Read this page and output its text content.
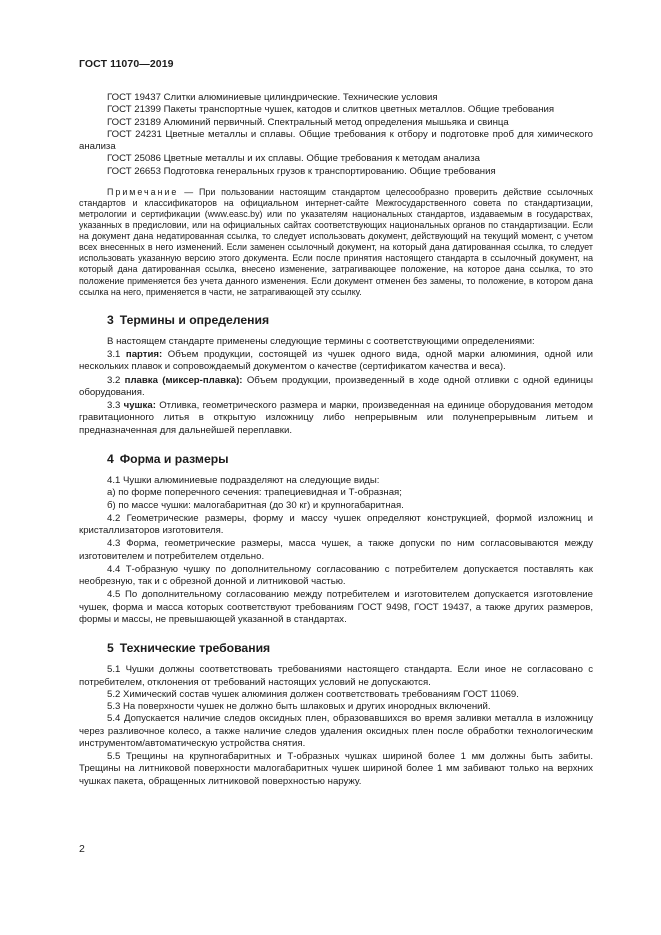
ГОСТ 11070—2019

ГОСТ 19437 Слитки алюминиевые цилиндрические. Технические условия

ГОСТ 21399 Пакеты транспортные чушек, катодов и слитков цветных металлов. Общие требования

ГОСТ 23189 Алюминий первичный. Спектральный метод определения мышьяка и свинца

ГОСТ 24231 Цветные металлы и сплавы. Общие требования к отбору и подготовке проб для химического анализа

ГОСТ 25086 Цветные металлы и их сплавы. Общие требования к методам анализа

ГОСТ 26653 Подготовка генеральных грузов к транспортированию. Общие требования

Примечание — При пользовании настоящим стандартом целесообразно проверить действие ссылочных стандартов и классификаторов на официальном интернет-сайте Межгосударственного совета по стандартизации, метрологии и сертификации (www.easc.by) или по указателям национальных стандартов, издаваемым в государствах, указанных в предисловии, или на официальных сайтах соответствующих национальных органов по стандартизации. Если на документ дана недатированная ссылка, то следует использовать документ, действующий на текущий момент, с учетом всех внесенных в него изменений. Если заменен ссылочный документ, на который дана датированная ссылка, то следует использовать указанную версию этого документа. Если после принятия настоящего стандарта в ссылочный документ, на который дана датированная ссылка, внесено изменение, затрагивающее положение, на которое дана ссылка, то это положение применяется без учета данного изменения. Если документ отменен без замены, то положение, в котором дана ссылка на него, применяется в части, не затрагивающей эту ссылку.

3 Термины и определения

В настоящем стандарте применены следующие термины с соответствующими определениями:

3.1 партия: Объем продукции, состоящей из чушек одного вида, одной марки алюминия, одной или нескольких плавок и сопровождаемый документом о качестве (сертификатом качества и веса).

3.2 плавка (миксер-плавка): Объем продукции, произведенный в ходе одной отливки с одной единицы оборудования.

3.3 чушка: Отливка, геометрического размера и марки, произведенная на единице оборудования методом гравитационного литья в открытую изложницу либо непрерывным или полунепрерывным литьем и предназначенная для дальнейшей переплавки.

4 Форма и размеры

4.1 Чушки алюминиевые подразделяют на следующие виды:

а) по форме поперечного сечения: трапециевидная и Т-образная;

б) по массе чушки: малогабаритная (до 30 кг) и крупногабаритная.

4.2 Геометрические размеры, форму и массу чушек определяют конструкцией, формой изложниц и кристаллизаторов изготовителя.

4.3 Форма, геометрические размеры, масса чушек, а также допуски по ним согласовываются между изготовителем и потребителем отдельно.

4.4 Т-образную чушку по дополнительному согласованию с потребителем допускается поставлять как необрезную, так и с обрезной донной и литниковой частью.

4.5 По дополнительному согласованию между потребителем и изготовителем допускается изготовление чушек, форма и масса которых соответствуют требованиям ГОСТ 9498, ГОСТ 19437, а также других размеров, формы и массы, не превышающей указанной в стандартах.

5 Технические требования

5.1 Чушки должны соответствовать требованиями настоящего стандарта. Если иное не согласовано с потребителем, отклонения от требований настоящих условий не допускаются.

5.2 Химический состав чушек алюминия должен соответствовать требованиям ГОСТ 11069.

5.3 На поверхности чушек не должно быть шлаковых и других инородных включений.

5.4 Допускается наличие следов оксидных плен, образовавшихся во время заливки металла в изложницу через разливочное колесо, а также наличие следов удаления оксидных плен после обработки технологическим инструментом/автоматическую устройства снятия.

5.5 Трещины на крупногабаритных и Т-образных чушках шириной более 1 мм должны быть забиты. Трещины на литниковой поверхности малогабаритных чушек шириной более 1 мм забивают только на верхних чушках пакета, обращенных литниковой поверхностью наружу.

2
